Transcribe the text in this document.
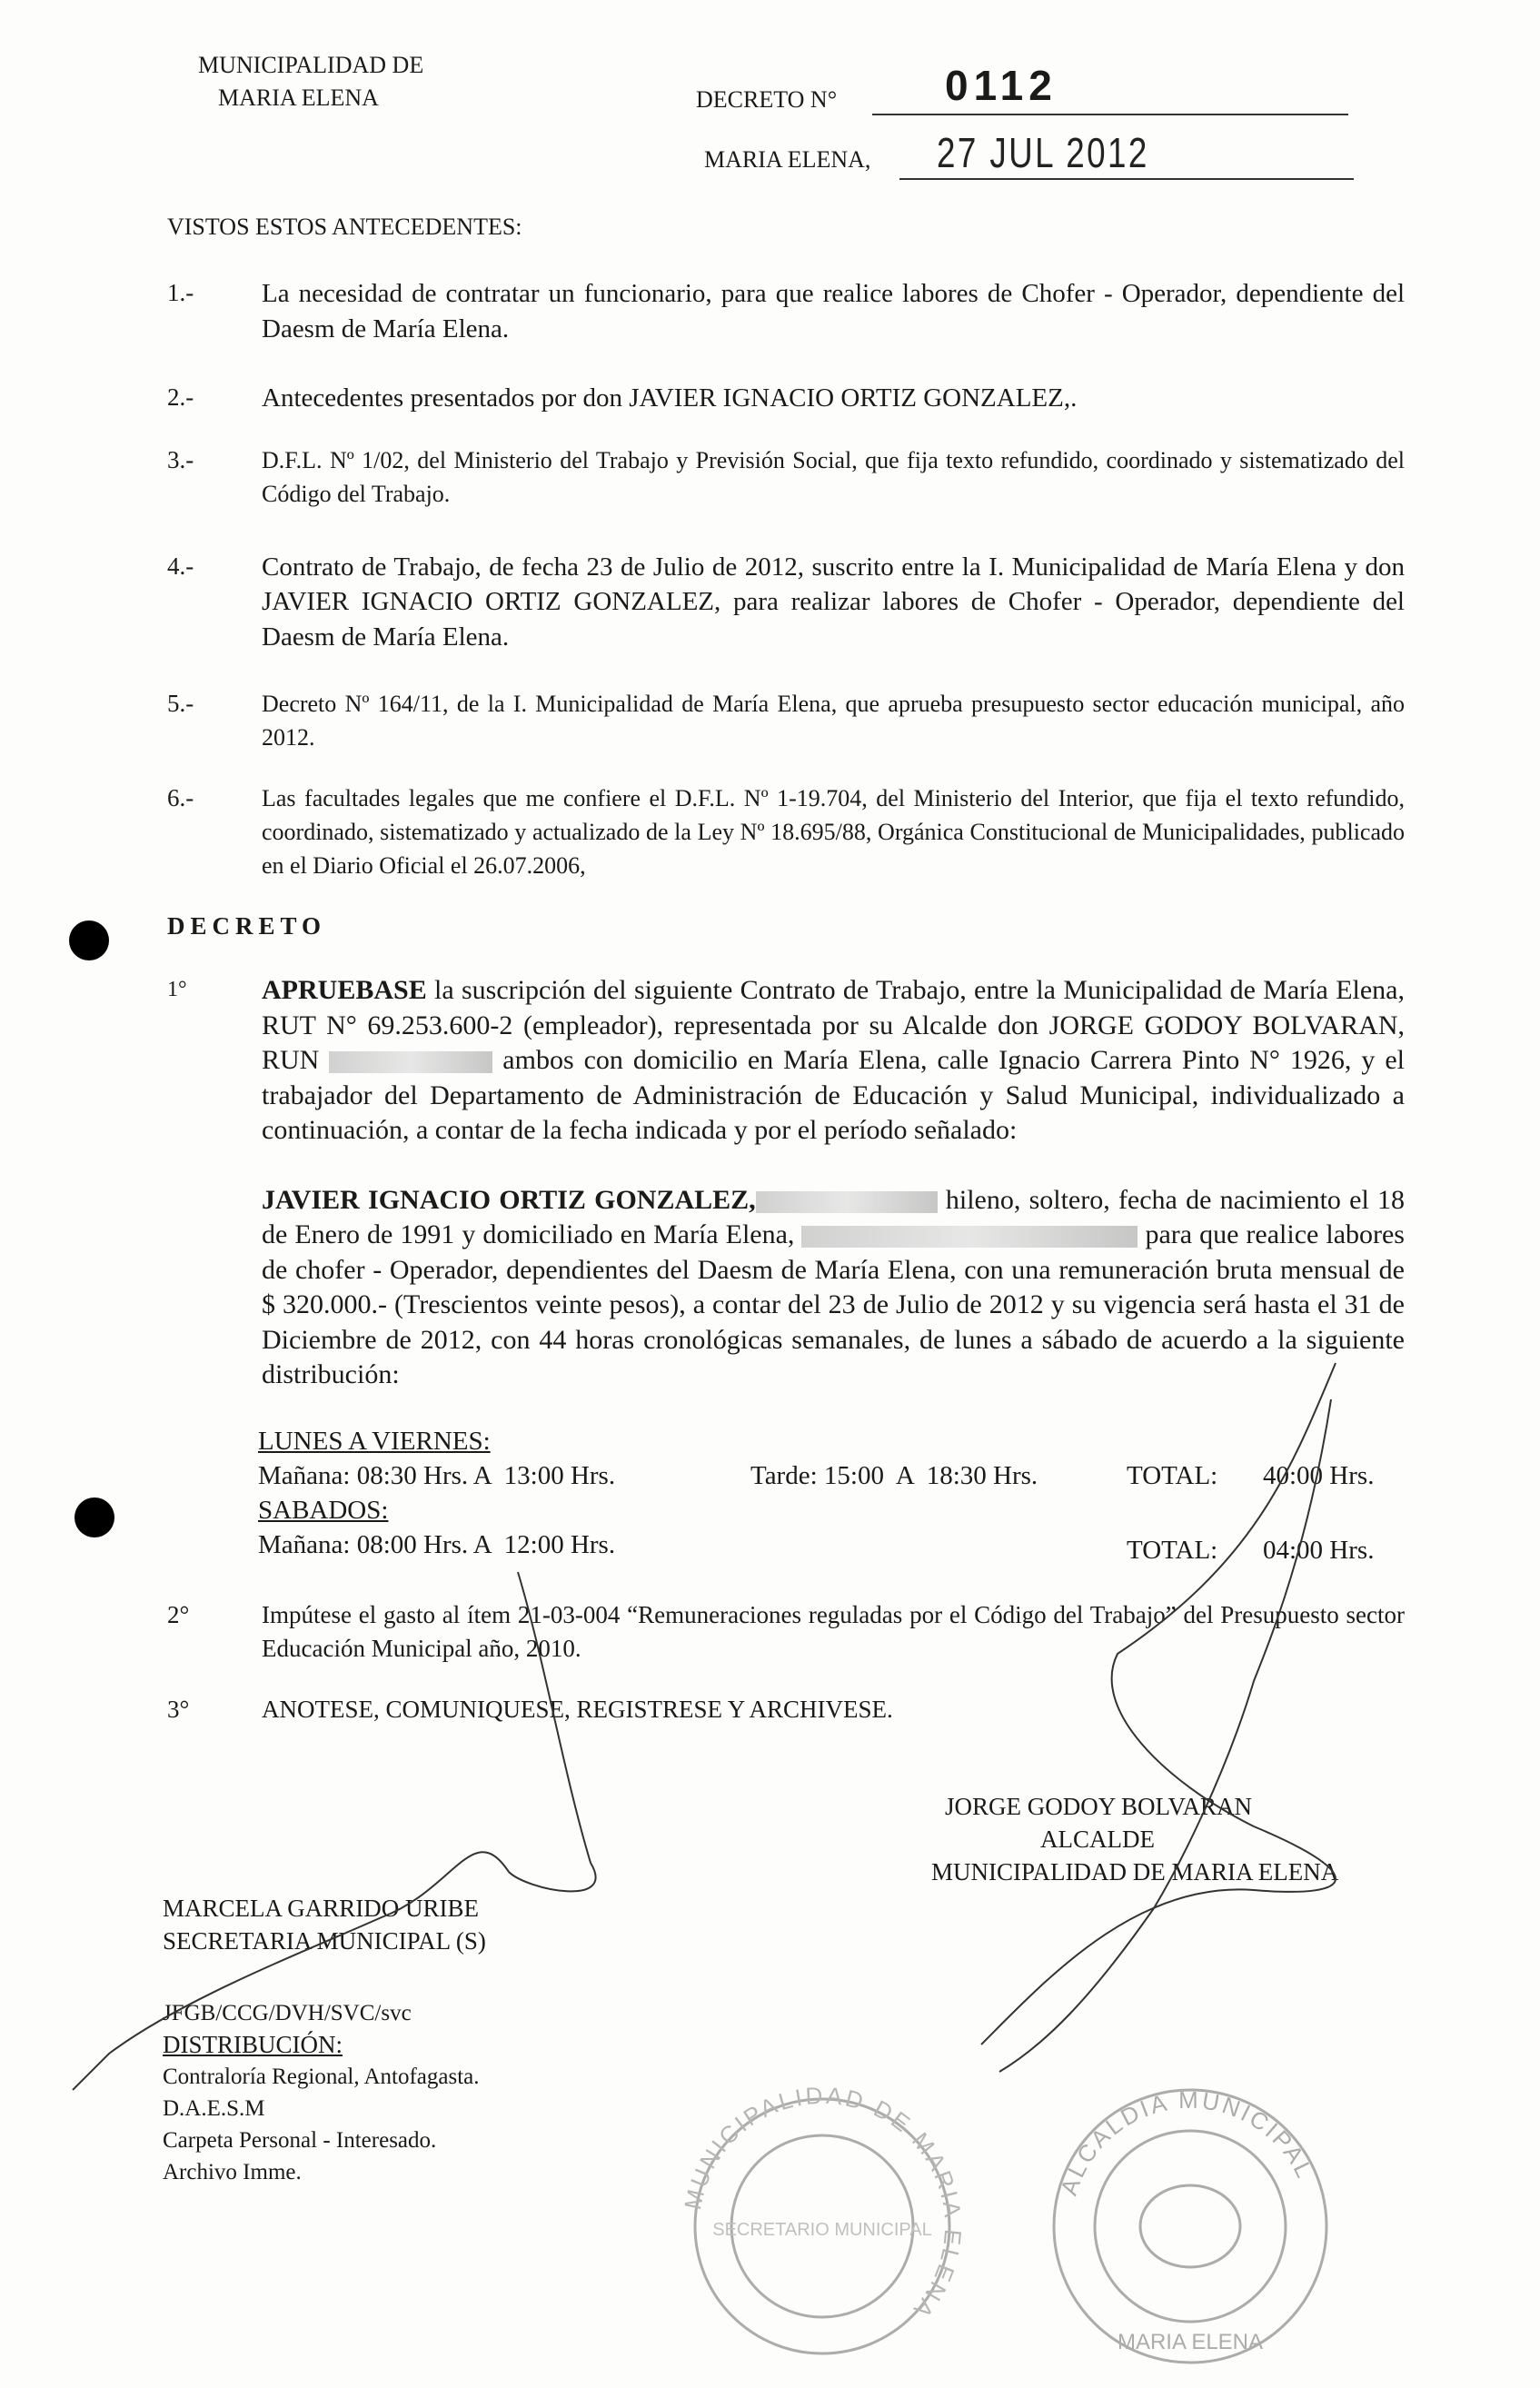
MUNICIPALIDAD DE
MARIA ELENA	DECRETO N°	0112
MARIA ELENA, 27 JUL 2012
VISTOS ESTOS ANTECEDENTES:
1.-	La necesidad de contratar un funcionario, para que realice labores de Chofer - Operador, dependiente del Daesm de María Elena.
2.-	Antecedentes presentados por don JAVIER IGNACIO ORTIZ GONZALEZ,.
3.-	D.F.L. Nº 1/02, del Ministerio del Trabajo y Previsión Social, que fija texto refundido, coordinado y sistematizado del Código del Trabajo.
4.-	Contrato de Trabajo, de fecha 23 de Julio de 2012, suscrito entre la I. Municipalidad de María Elena y don JAVIER IGNACIO ORTIZ GONZALEZ, para realizar labores de Chofer - Operador, dependiente del Daesm de María Elena.
5.-	Decreto Nº 164/11, de la I. Municipalidad de María Elena, que aprueba presupuesto sector educación municipal, año 2012.
6.-	Las facultades legales que me confiere el D.F.L. Nº 1-19.704, del Ministerio del Interior, que fija el texto refundido, coordinado, sistematizado y actualizado de la Ley Nº 18.695/88, Orgánica Constitucional de Municipalidades, publicado en el Diario Oficial el 26.07.2006,
DECRETO
1°	APRUEBASE la suscripción del siguiente Contrato de Trabajo, entre la Municipalidad de María Elena, RUT N° 69.253.600-2 (empleador), representada por su Alcalde don JORGE GODOY BOLVARAN, RUN	ambos con domicilio en María Elena, calle Ignacio Carrera Pinto N° 1926, y el trabajador del Departamento de Administración de Educación y Salud Municipal, individualizado a continuación, a contar de la fecha indicada y por el período señalado:
JAVIER IGNACIO ORTIZ GONZALEZ,	hileno, soltero, fecha de nacimiento el 18 de Enero de 1991 y domiciliado en María Elena,	para que realice labores de chofer - Operador, dependientes del Daesm de María Elena, con una remuneración bruta mensual de $ 320.000.- (Trescientos veinte pesos), a contar del 23 de Julio de 2012 y su vigencia será hasta el 31 de Diciembre de 2012, con 44 horas cronológicas semanales, de lunes a sábado de acuerdo a la siguiente distribución:
LUNES A VIERNES:
Mañana: 08:30 Hrs. A  13:00 Hrs.	Tarde: 15:00  A  18:30 Hrs.	TOTAL: 40:00 Hrs.
SABADOS:
Mañana: 08:00 Hrs. A  12:00 Hrs.	TOTAL: 04:00 Hrs.
2°	Impútese el gasto al ítem 21-03-004 “Remuneraciones reguladas por el Código del Trabajo” del Presupuesto sector Educación Municipal año, 2010.
3°	ANOTESE, COMUNIQUESE, REGISTRESE Y ARCHIVESE.
JORGE GODOY BOLVARAN
ALCALDE
MUNICIPALIDAD DE MARIA ELENA
MARCELA GARRIDO URIBE
SECRETARIA MUNICIPAL (S)
JFGB/CCG/DVH/SVC/svc
DISTRIBUCIÓN:
Contraloría Regional, Antofagasta.
D.A.E.S.M
Carpeta Personal - Interesado.
Archivo Imme.
MUNICIPALIDAD DE MARIA ELENA
SECRETARIO MUNICIPAL
ALCALDIA MUNICIPAL
MARIA ELENA
